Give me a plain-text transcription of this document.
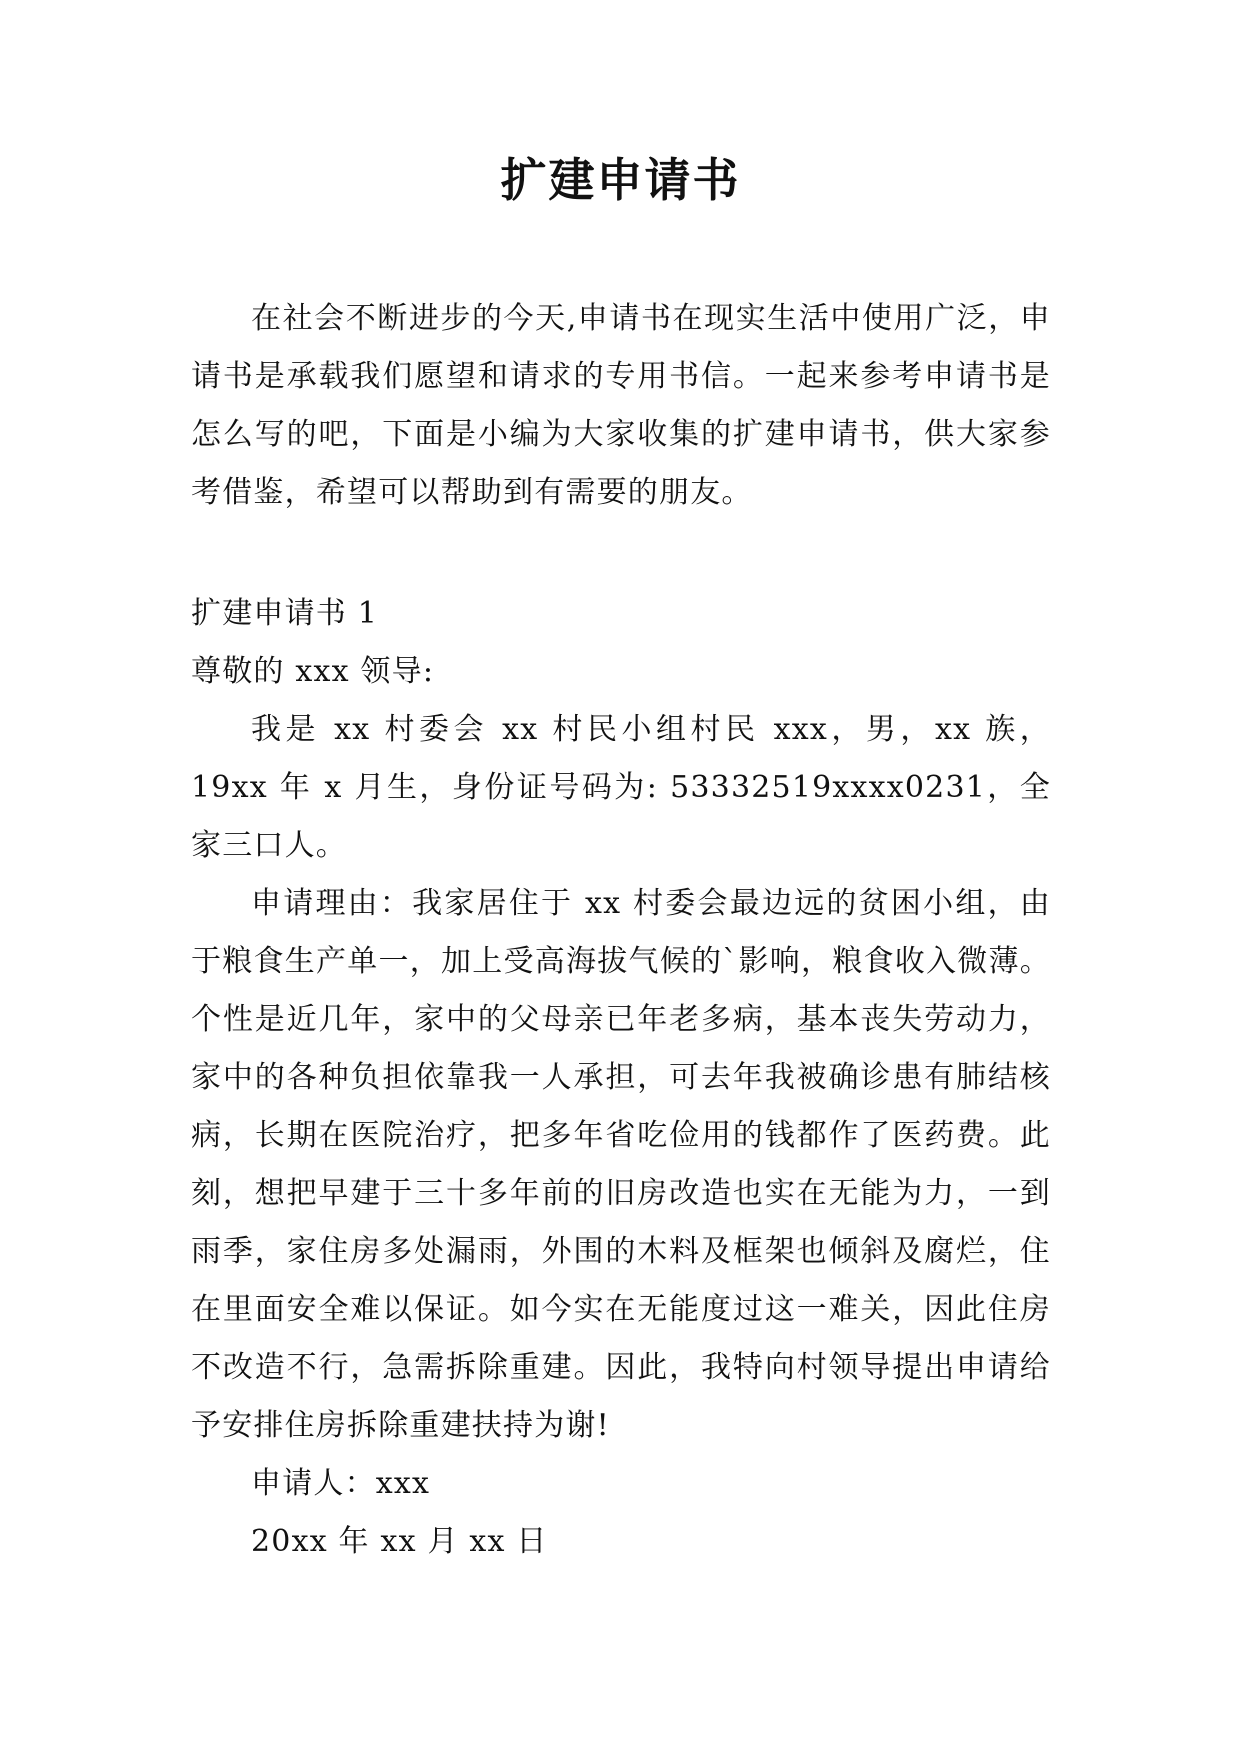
扩建申请书

在社会不断进步的今天,申请书在现实生活中使用广泛，申请书是承载我们愿望和请求的专用书信。一起来参考申请书是怎么写的吧，下面是小编为大家收集的扩建申请书，供大家参考借鉴，希望可以帮助到有需要的朋友。

扩建申请书 1

尊敬的 xxx 领导:

我是 xx 村委会 xx 村民小组村民 xxx，男，xx 族，19xx 年 x 月生，身份证号码为: 53332519xxxx0231，全家三口人。

申请理由：我家居住于 xx 村委会最边远的贫困小组，由于粮食生产单一，加上受高海拔气候的`影响，粮食收入微薄。个性是近几年，家中的父母亲已年老多病，基本丧失劳动力，家中的各种负担依靠我一人承担，可去年我被确诊患有肺结核病，长期在医院治疗，把多年省吃俭用的钱都作了医药费。此刻，想把早建于三十多年前的旧房改造也实在无能为力，一到雨季，家住房多处漏雨，外围的木料及框架也倾斜及腐烂，住在里面安全难以保证。如今实在无能度过这一难关，因此住房不改造不行，急需拆除重建。因此，我特向村领导提出申请给予安排住房拆除重建扶持为谢!

申请人：xxx

20xx 年 xx 月 xx 日
